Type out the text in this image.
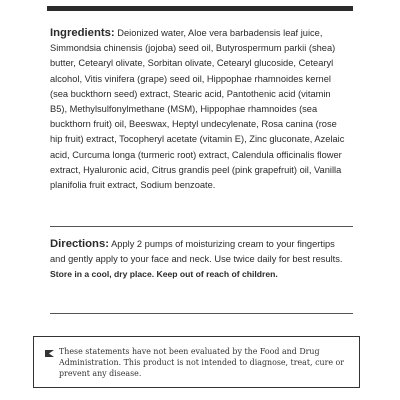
Ingredients: Deionized water, Aloe vera barbadensis leaf juice, Simmondsia chinensis (jojoba) seed oil, Butyrospermum parkii (shea) butter, Cetearyl olivate, Sorbitan olivate, Cetearyl glucoside, Cetearyl alcohol, Vitis vinifera (grape) seed oil, Hippophae rhamnoides kernel (sea buckthorn seed) extract, Stearic acid, Pantothenic acid (vitamin B5), Methylsulfonylmethane (MSM), Hippophae rhamnoides (sea buckthorn fruit) oil, Beeswax, Heptyl undecylenate, Rosa canina (rose hip fruit) extract, Tocopheryl acetate (vitamin E), Zinc gluconate, Azelaic acid, Curcuma longa (turmeric root) extract, Calendula officinalis flower extract, Hyaluronic acid, Citrus grandis peel (pink grapefruit) oil, Vanilla planifolia fruit extract, Sodium benzoate.

Directions: Apply 2 pumps of moisturizing cream to your fingertips and gently apply to your face and neck. Use twice daily for best results. Store in a cool, dry place. Keep out of reach of children.

These statements have not been evaluated by the Food and Drug Administration. This product is not intended to diagnose, treat, cure or prevent any disease.
